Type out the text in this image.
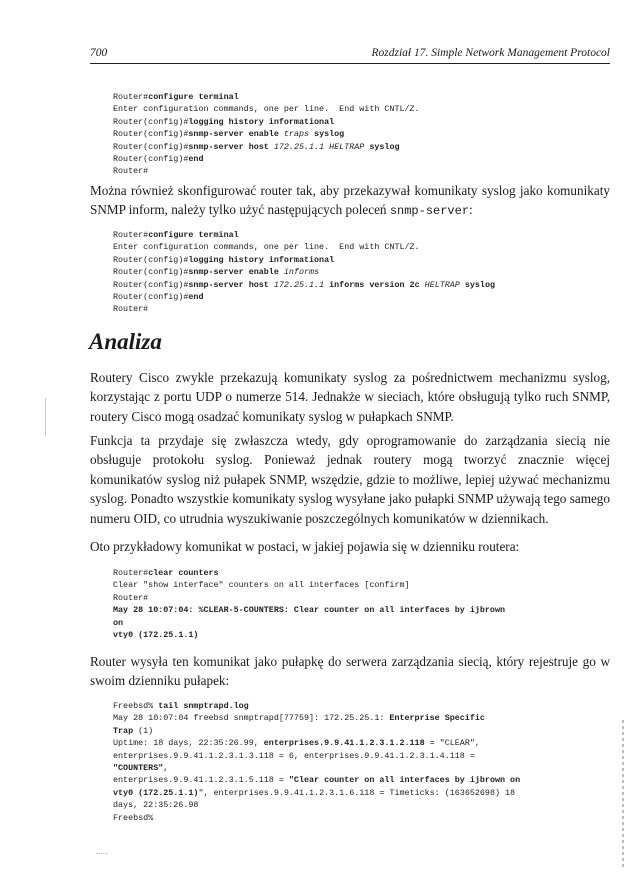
700	Rozdział 17. Simple Network Management Protocol
Router#configure terminal
Enter configuration commands, one per line.  End with CNTL/Z.
Router(config)#logging history informational
Router(config)#snmp-server enable traps syslog
Router(config)#snmp-server host 172.25.1.1 HELTRAP syslog
Router(config)#end
Router#
Można również skonfigurować router tak, aby przekazywał komunikaty syslog jako komunikaty SNMP inform, należy tylko użyć następujących poleceń snmp-server:
Router#configure terminal
Enter configuration commands, one per line.  End with CNTL/Z.
Router(config)#logging history informational
Router(config)#snmp-server enable informs
Router(config)#snmp-server host 172.25.1.1 informs version 2c HELTRAP syslog
Router(config)#end
Router#
Analiza
Routery Cisco zwykle przekazują komunikaty syslog za pośrednictwem mechanizmu syslog, korzystając z portu UDP o numerze 514. Jednakże w sieciach, które obsługują tylko ruch SNMP, routery Cisco mogą osadzać komunikaty syslog w pułapkach SNMP.
Funkcja ta przydaje się zwłaszcza wtedy, gdy oprogramowanie do zarządzania siecią nie obsługuje protokołu syslog. Ponieważ jednak routery mogą tworzyć znacznie więcej komunikatów syslog niż pułapek SNMP, wszędzie, gdzie to możliwe, lepiej używać mechanizmu syslog. Ponadto wszystkie komunikaty syslog wysyłane jako pułapki SNMP używają tego samego numeru OID, co utrudnia wyszukiwanie poszczególnych komunikatów w dziennikach.
Oto przykładowy komunikat w postaci, w jakiej pojawia się w dzienniku routera:
Router#clear counters
Clear "show interface" counters on all interfaces [confirm]
Router#
May 28 10:07:04: %CLEAR-5-COUNTERS: Clear counter on all interfaces by ijbrown
on
vty0 (172.25.1.1)
Router wysyła ten komunikat jako pułapkę do serwera zarządzania siecią, który rejestruje go w swoim dzienniku pułapek:
Freebsd% tail snmptrapd.log
May 28 10:07:04 freebsd snmptrapd[77759]: 172.25.25.1: Enterprise Specific
Trap (1)
Uptime: 18 days, 22:35:26.99, enterprises.9.9.41.1.2.3.1.2.118 = "CLEAR",
enterprises.9.9.41.1.2.3.1.3.118 = 6, enterprises.9.9.41.1.2.3.1.4.118 =
"COUNTERS",
enterprises.9.9.41.1.2.3.1.5.118 = "Clear counter on all interfaces by ijbrown on
vty0 (172.25.1.1)", enterprises.9.9.41.1.2.3.1.6.118 = Timeticks: (163652698) 18
days, 22:35:26.98
Freebsd%
